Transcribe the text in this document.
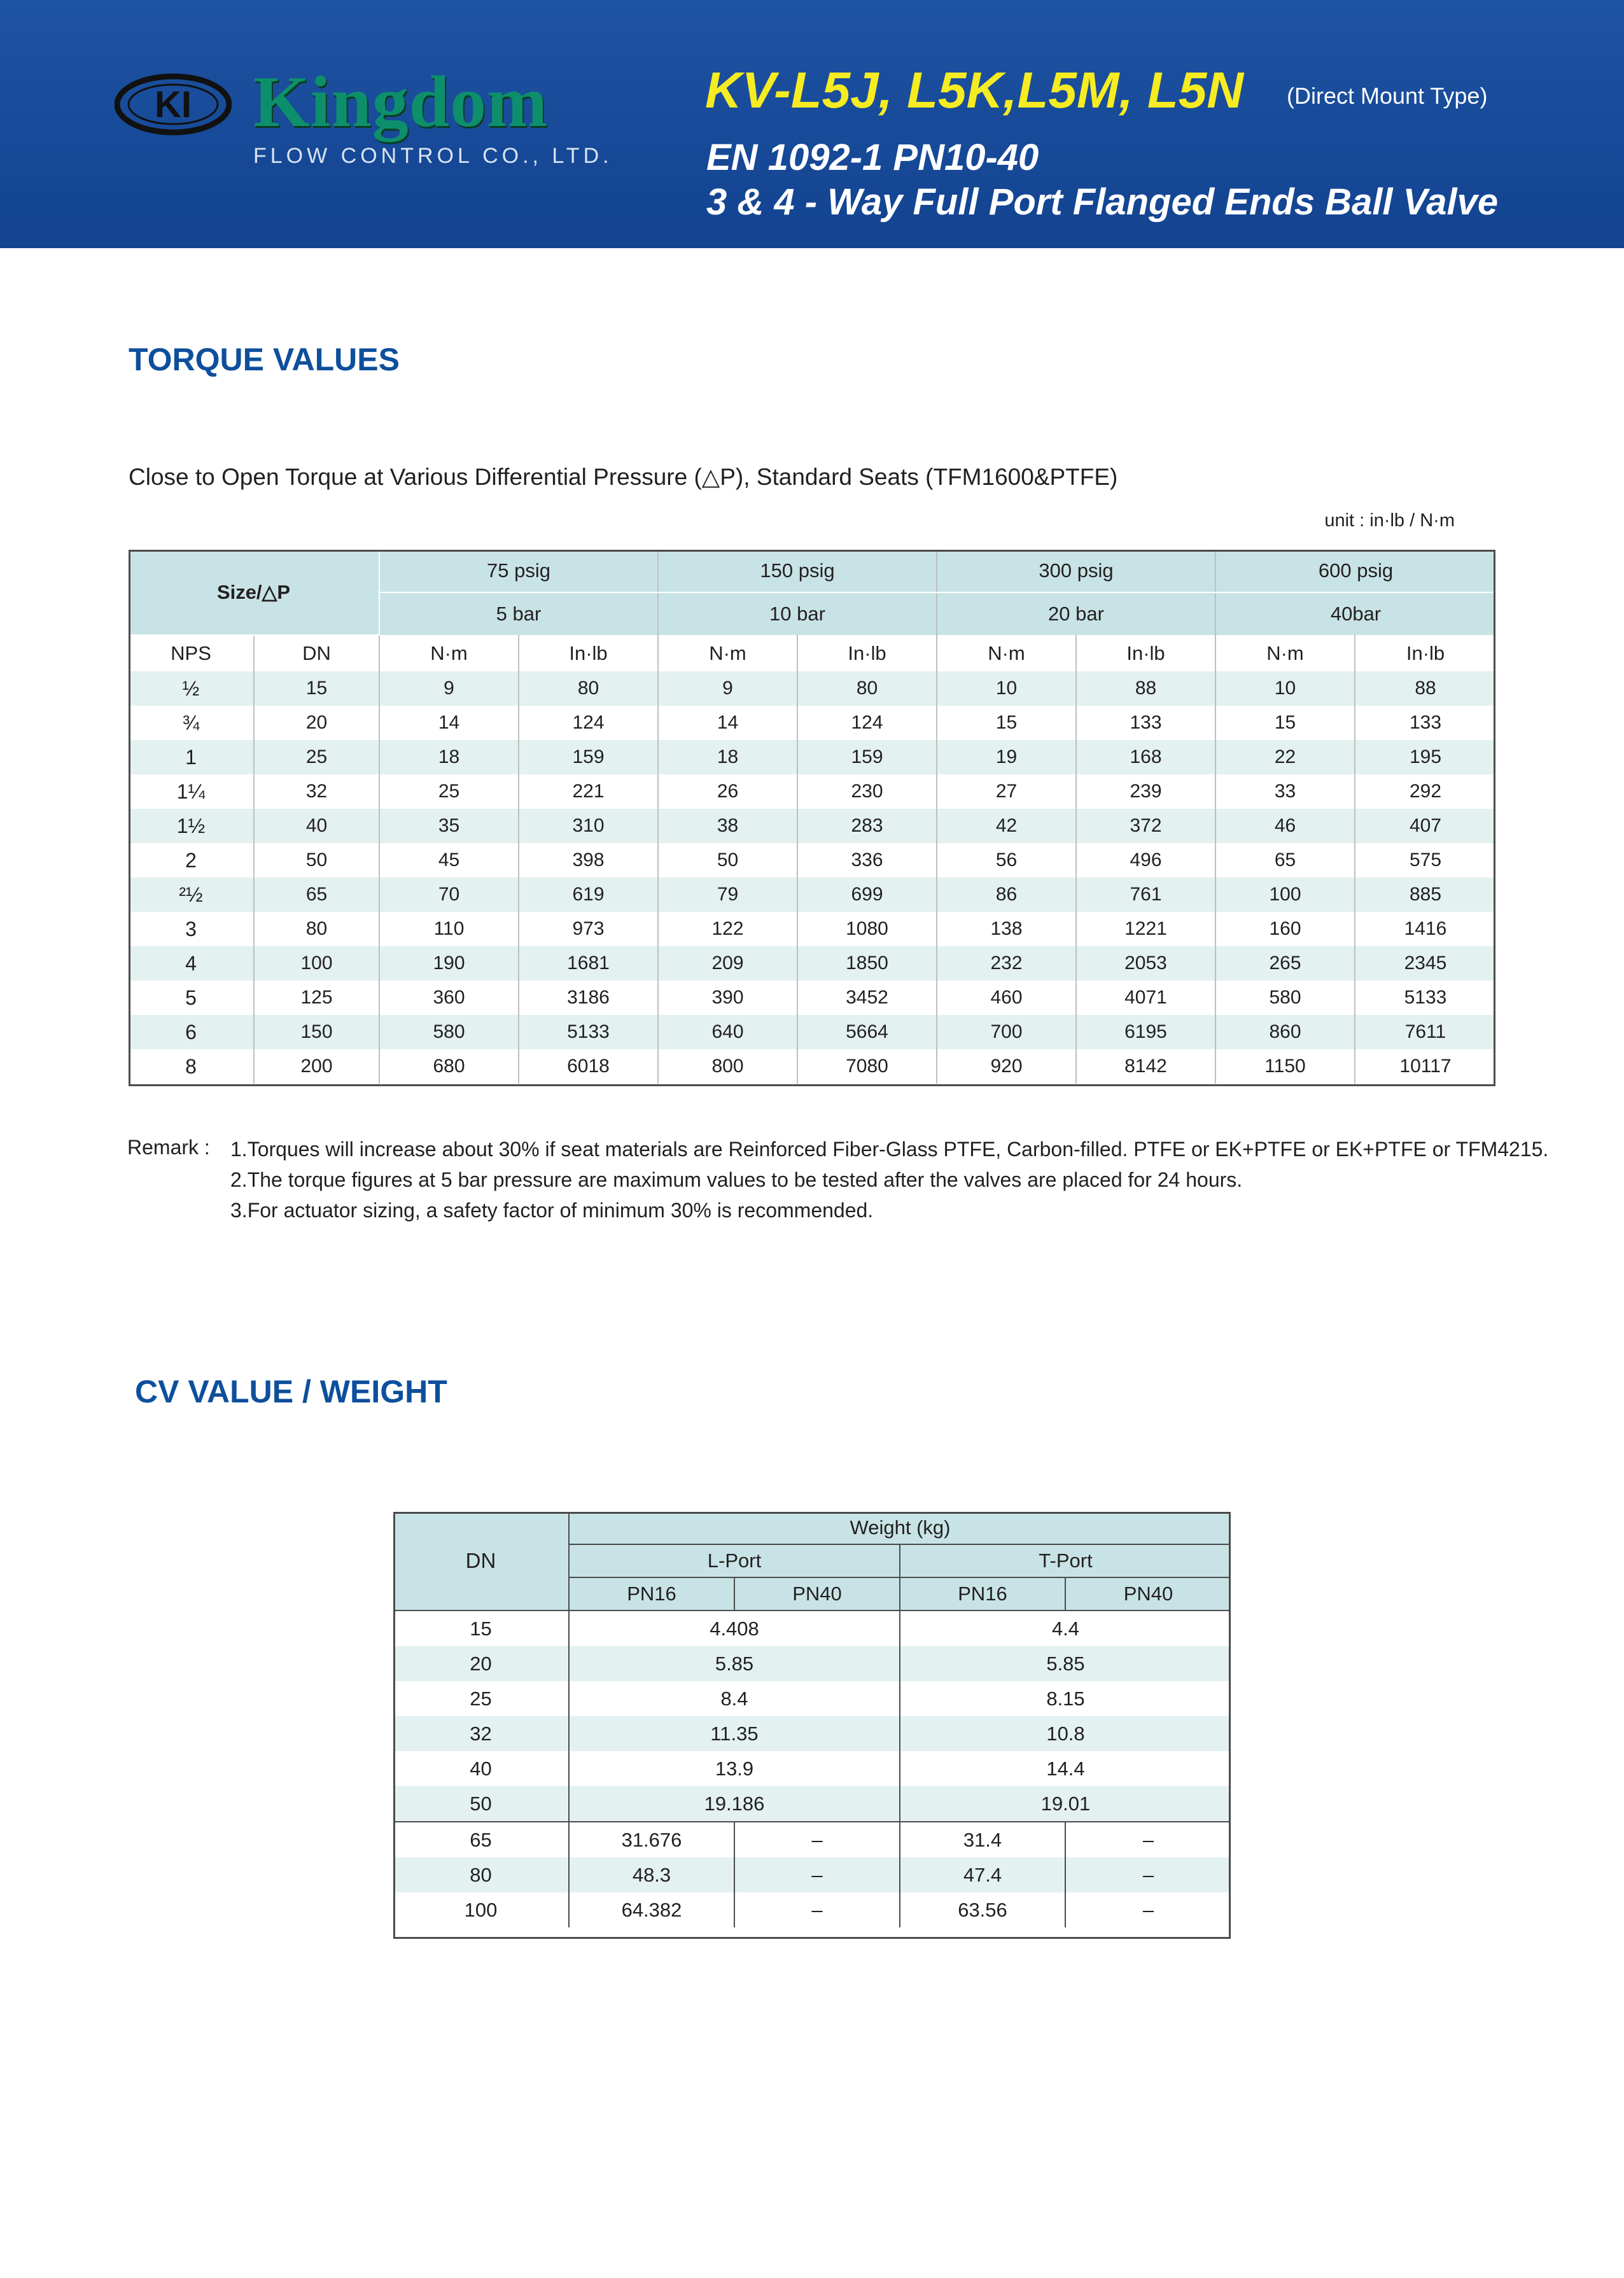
KI Kingdom
FLOW CONTROL CO., LTD.
KV-L5J, L5K,L5M, L5N (Direct Mount Type)
EN 1092-1 PN10-40
3 & 4 - Way Full Port Flanged Ends Ball Valve
TORQUE VALUES
Close to Open Torque at Various Differential Pressure (△P), Standard Seats (TFM1600&PTFE)
unit : in·lb / N·m
Size/△P		75 psig		150 psig		300 psig		600 psig	
		5 bar		10 bar		20 bar		40bar	
NPS	DN	N·m	In·lb	N·m	In·lb	N·m	In·lb	N·m	In·lb
½	15	9	80	9	80	10	88	10	88
¾	20	14	124	14	124	15	133	15	133
1	25	18	159	18	159	19	168	22	195
1¼	32	25	221	26	230	27	239	33	292
1½	40	35	310	38	283	42	372	46	407
2	50	45	398	50	336	56	496	65	575
²½	65	70	619	79	699	86	761	100	885
3	80	110	973	122	1080	138	1221	160	1416
4	100	190	1681	209	1850	232	2053	265	2345
5	125	360	3186	390	3452	460	4071	580	5133
6	150	580	5133	640	5664	700	6195	860	7611
8	200	680	6018	800	7080	920	8142	1150	10117
Remark : 1.Torques will increase about 30% if seat materials are Reinforced Fiber-Glass PTFE, Carbon-filled. PTFE or EK+PTFE or EK+PTFE or TFM4215.
2.The torque figures at 5 bar pressure are maximum values to be tested after the valves are placed for 24 hours.
3.For actuator sizing, a safety factor of minimum 30% is recommended.
CV VALUE / WEIGHT
DN	Weight (kg)			
	L-Port		T-Port	
	PN16	PN40	PN16	PN40
15	4.408		4.4	
20	5.85		5.85	
25	8.4		8.15	
32	11.35		10.8	
40	13.9		14.4	
50	19.186		19.01	
65	31.676	–	31.4	–
80	48.3	–	47.4	–
100	64.382	–	63.56	–
